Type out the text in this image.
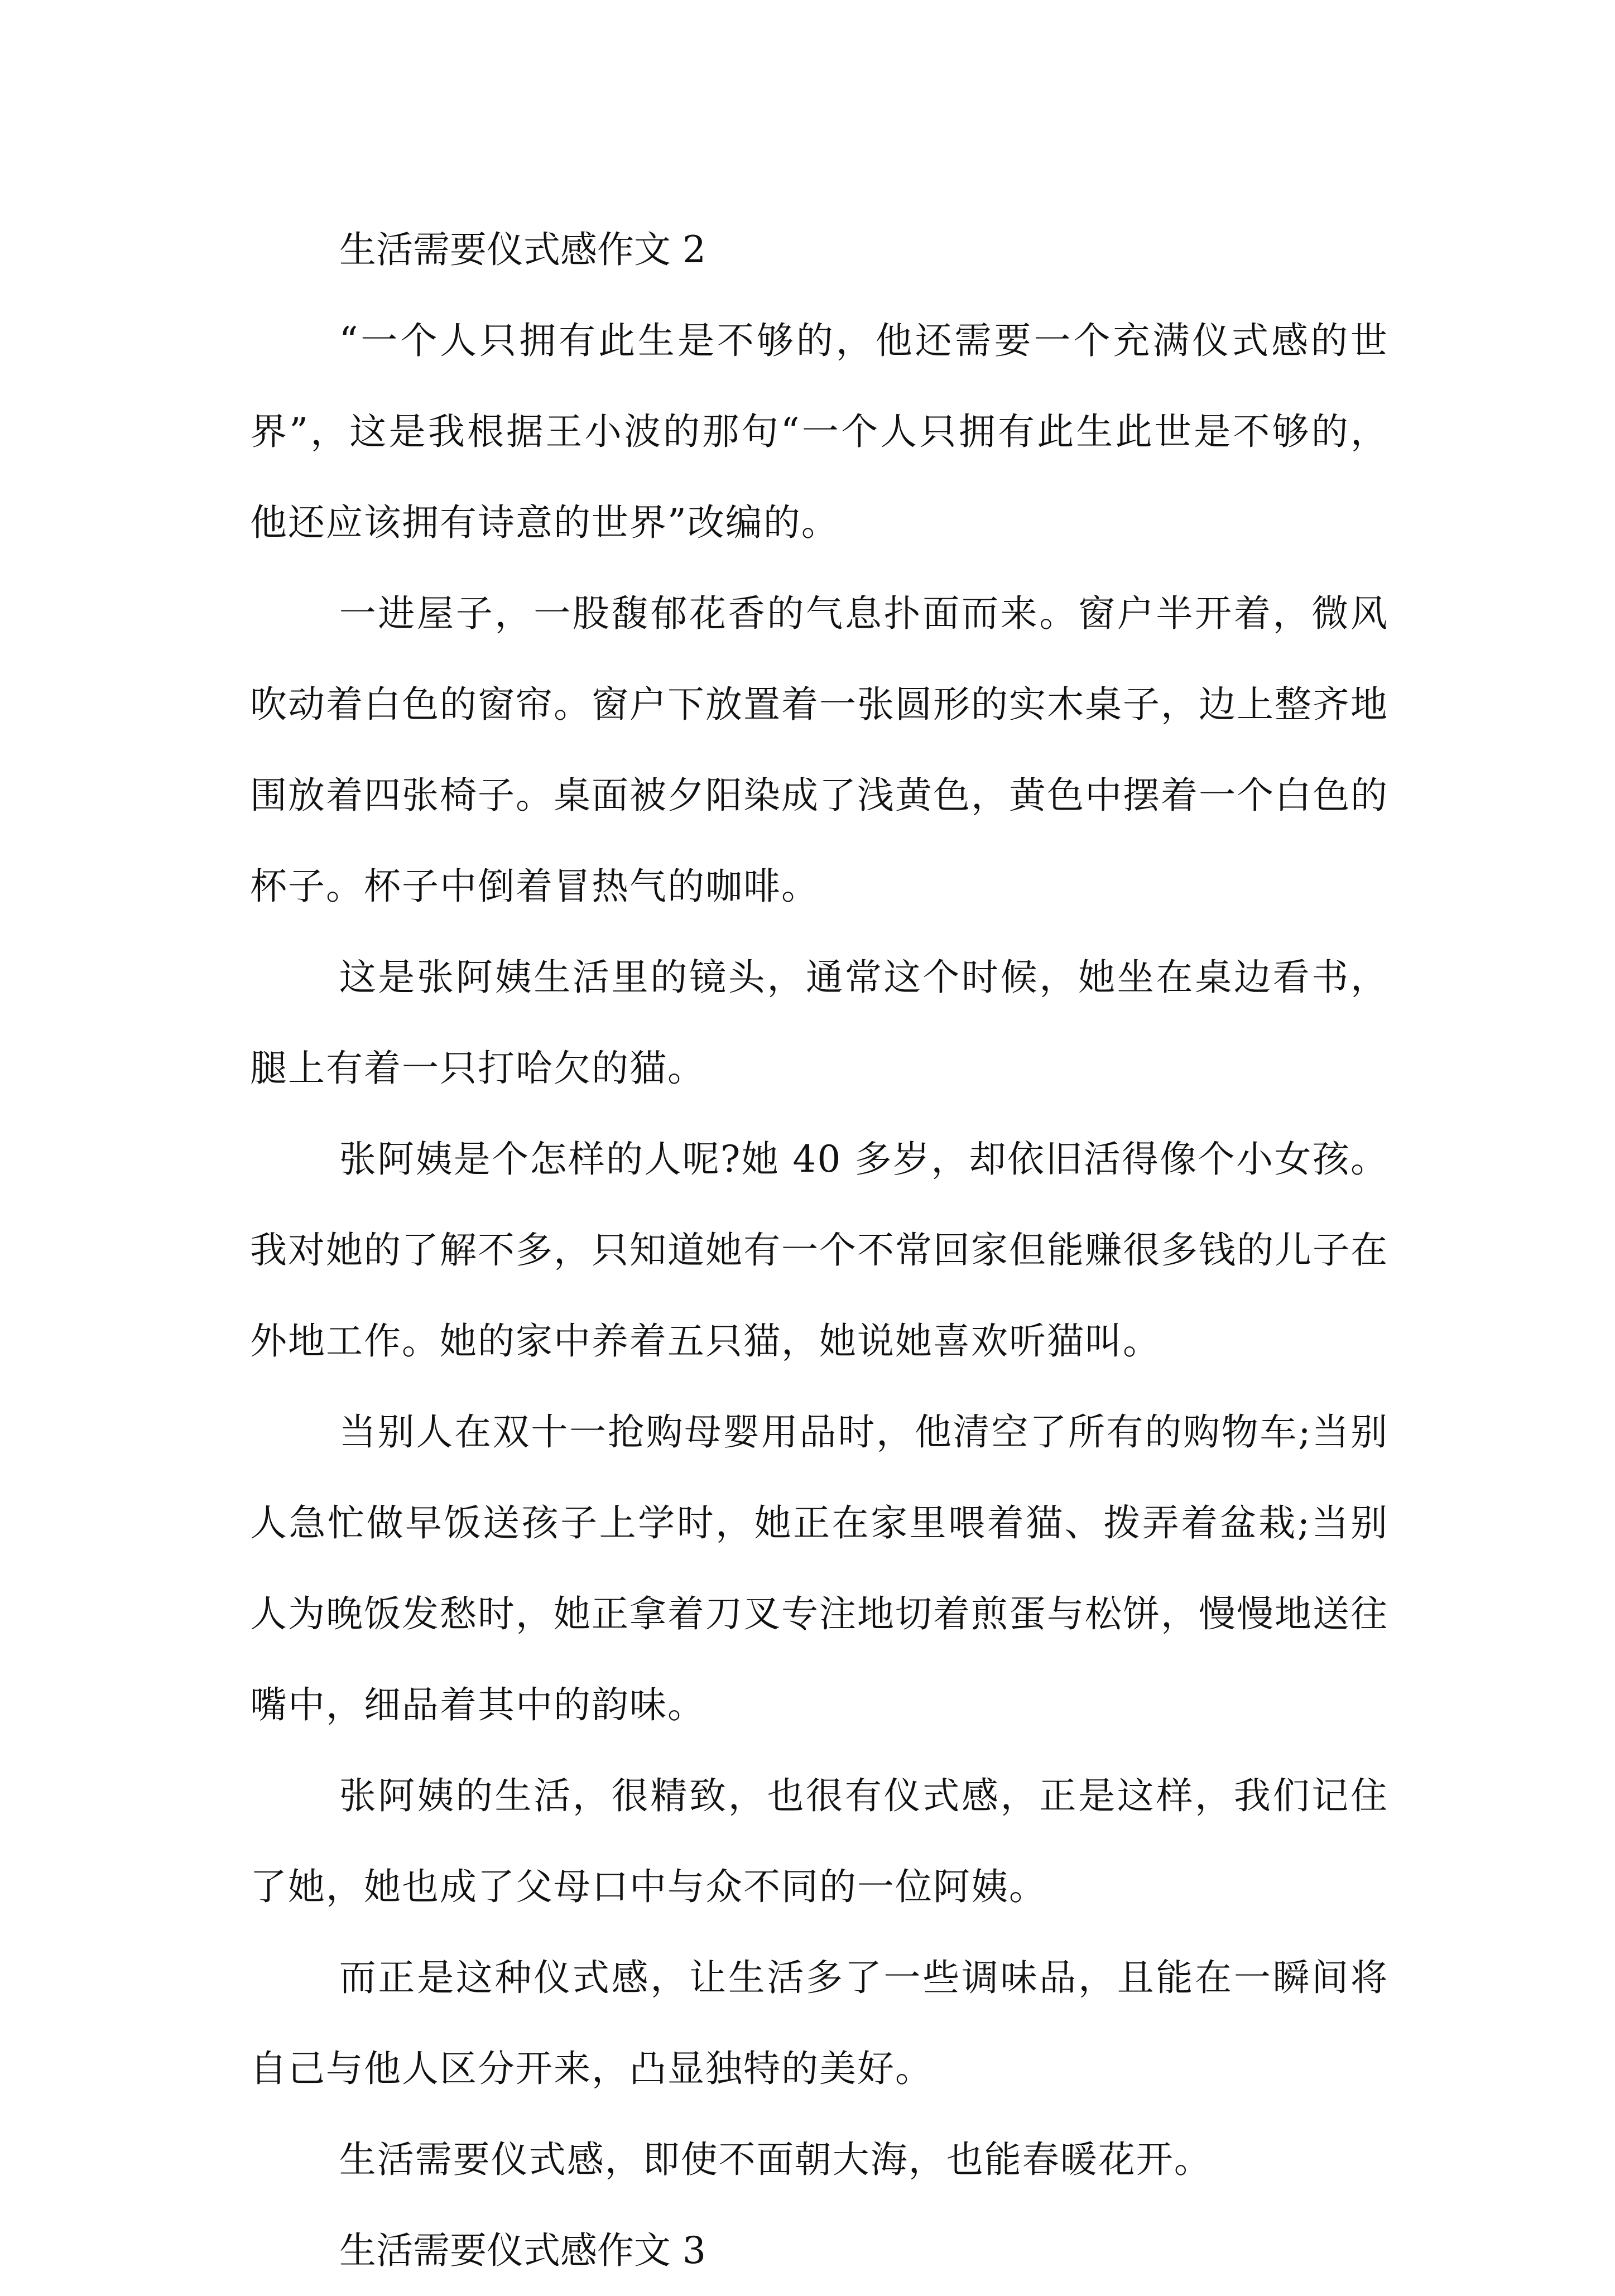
生活需要仪式感作文 2

“一个人只拥有此生是不够的，他还需要一个充满仪式感的世界”，这是我根据王小波的那句“一个人只拥有此生此世是不够的，他还应该拥有诗意的世界”改编的。

一进屋子，一股馥郁花香的气息扑面而来。窗户半开着，微风吹动着白色的窗帘。窗户下放置着一张圆形的实木桌子，边上整齐地围放着四张椅子。桌面被夕阳染成了浅黄色，黄色中摆着一个白色的杯子。杯子中倒着冒热气的咖啡。

这是张阿姨生活里的镜头，通常这个时候，她坐在桌边看书，腿上有着一只打哈欠的猫。

张阿姨是个怎样的人呢?她 40 多岁，却依旧活得像个小女孩。我对她的了解不多，只知道她有一个不常回家但能赚很多钱的儿子在外地工作。她的家中养着五只猫，她说她喜欢听猫叫。

当别人在双十一抢购母婴用品时，他清空了所有的购物车;当别人急忙做早饭送孩子上学时，她正在家里喂着猫、拨弄着盆栽;当别人为晚饭发愁时，她正拿着刀叉专注地切着煎蛋与松饼，慢慢地送往嘴中，细品着其中的韵味。

张阿姨的生活，很精致，也很有仪式感，正是这样，我们记住了她，她也成了父母口中与众不同的一位阿姨。

而正是这种仪式感，让生活多了一些调味品，且能在一瞬间将自己与他人区分开来，凸显独特的美好。

生活需要仪式感，即使不面朝大海，也能春暖花开。

生活需要仪式感作文 3
